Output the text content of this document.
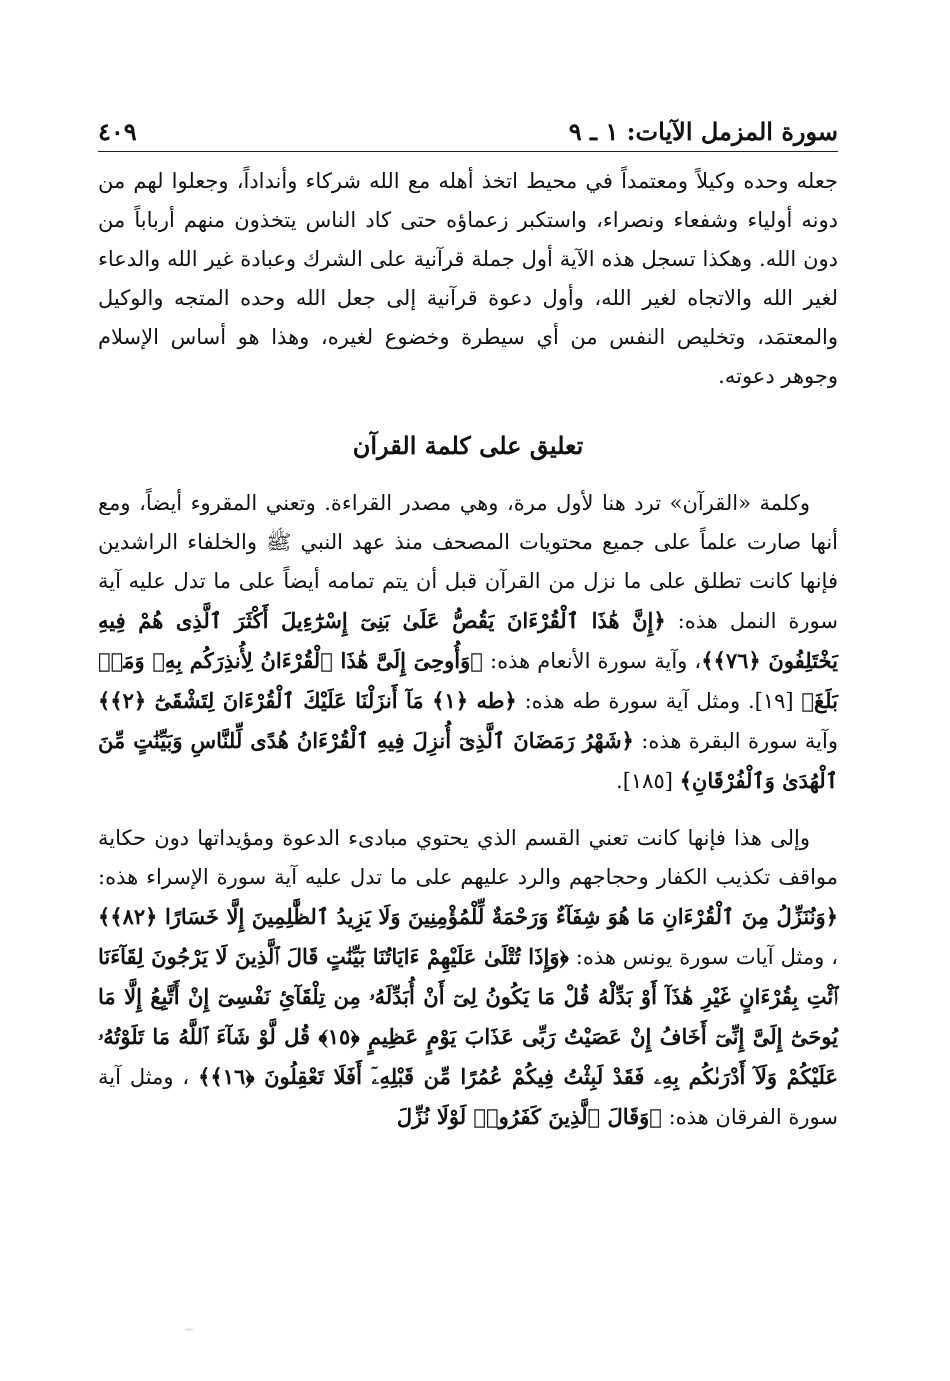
سورة المزمل الآيات: ١ ـ ٩
٤٠٩

جعله وحده وكيلاً ومعتمداً في محيط اتخذ أهله مع الله شركاء وأنداداً، وجعلوا لهم من دونه أولياء وشفعاء ونصراء، واستكبر زعماؤه حتى كاد الناس يتخذون منهم أرباباً من دون الله. وهكذا تسجل هذه الآية أول جملة قرآنية على الشرك وعبادة غير الله والدعاء لغير الله والاتجاه لغير الله، وأول دعوة قرآنية إلى جعل الله وحده المتجه والوكيل والمعتمَد، وتخليص النفس من أي سيطرة وخضوع لغيره، وهذا هو أساس الإسلام وجوهر دعوته.

تعليق على كلمة القرآن

وكلمة «القرآن» ترد هنا لأول مرة، وهي مصدر القراءة. وتعني المقروء أيضاً، ومع أنها صارت علماً على جميع محتويات المصحف منذ عهد النبي ﷺ والخلفاء الراشدين فإنها كانت تطلق على ما نزل من القرآن قبل أن يتم تمامه أيضاً على ما تدل عليه آية سورة النمل هذه: ﴿إِنَّ هَٰذَا ٱلْقُرْءَانَ يَقُصُّ عَلَىٰ بَنِىٓ إِسْرَٰٓءِيلَ أَكْثَرَ ٱلَّذِى هُمْ فِيهِ يَخْتَلِفُونَ ﴿٧٦﴾﴾، وآية سورة الأنعام هذه: ﴿وَأُوحِىَ إِلَىَّ هَٰذَا ٱلْقُرْءَانُ لِأُنذِرَكُم بِهِۦ وَمَنۢ بَلَغَ﴾ [١٩]. ومثل آية سورة طه هذه: ﴿طه ﴿١﴾ مَآ أَنزَلْنَا عَلَيْكَ ٱلْقُرْءَانَ لِتَشْقَىٰٓ ﴿٢﴾﴾ وآية سورة البقرة هذه: ﴿شَهْرُ رَمَضَانَ ٱلَّذِىٓ أُنزِلَ فِيهِ ٱلْقُرْءَانُ هُدًى لِّلنَّاسِ وَبَيِّنَٰتٍ مِّنَ ٱلْهُدَىٰ وَٱلْفُرْقَانِ﴾ [١٨٥].

وإلى هذا فإنها كانت تعني القسم الذي يحتوي مبادىء الدعوة ومؤيداتها دون حكاية مواقف تكذيب الكفار وحجاجهم والرد عليهم على ما تدل عليه آية سورة الإسراء هذه: ﴿وَنُنَزِّلُ مِنَ ٱلْقُرْءَانِ مَا هُوَ شِفَآءٌ وَرَحْمَةٌ لِّلْمُؤْمِنِينَ وَلَا يَزِيدُ ٱلظَّٰلِمِينَ إِلَّا خَسَارًا ﴿٨٢﴾﴾ ، ومثل آيات سورة يونس هذه: ﴿وَإِذَا تُتْلَىٰ عَلَيْهِمْ ءَايَاتُنَا بَيِّنَٰتٍ قَالَ ٱلَّذِينَ لَا يَرْجُونَ لِقَآءَنَا ٱئْتِ بِقُرْءَانٍ غَيْرِ هَٰذَآ أَوْ بَدِّلْهُ قُلْ مَا يَكُونُ لِىٓ أَنْ أُبَدِّلَهُۥ مِن تِلْقَآئِ نَفْسِىٓ إِنْ أَتَّبِعُ إِلَّا مَا يُوحَىٰٓ إِلَىَّ إِنِّىٓ أَخَافُ إِنْ عَصَيْتُ رَبِّى عَذَابَ يَوْمٍ عَظِيمٍ ﴿١٥﴾ قُل لَّوْ شَآءَ ٱللَّهُ مَا تَلَوْتُهُۥ عَلَيْكُمْ وَلَآ أَدْرَىٰكُم بِهِۦ فَقَدْ لَبِثْتُ فِيكُمْ عُمُرًا مِّن قَبْلِهِۦٓ أَفَلَا تَعْقِلُونَ ﴿١٦﴾﴾ ، ومثل آية سورة الفرقان هذه: ﴿وَقَالَ ٱلَّذِينَ كَفَرُوا۟ لَوْلَا نُزِّلَ
